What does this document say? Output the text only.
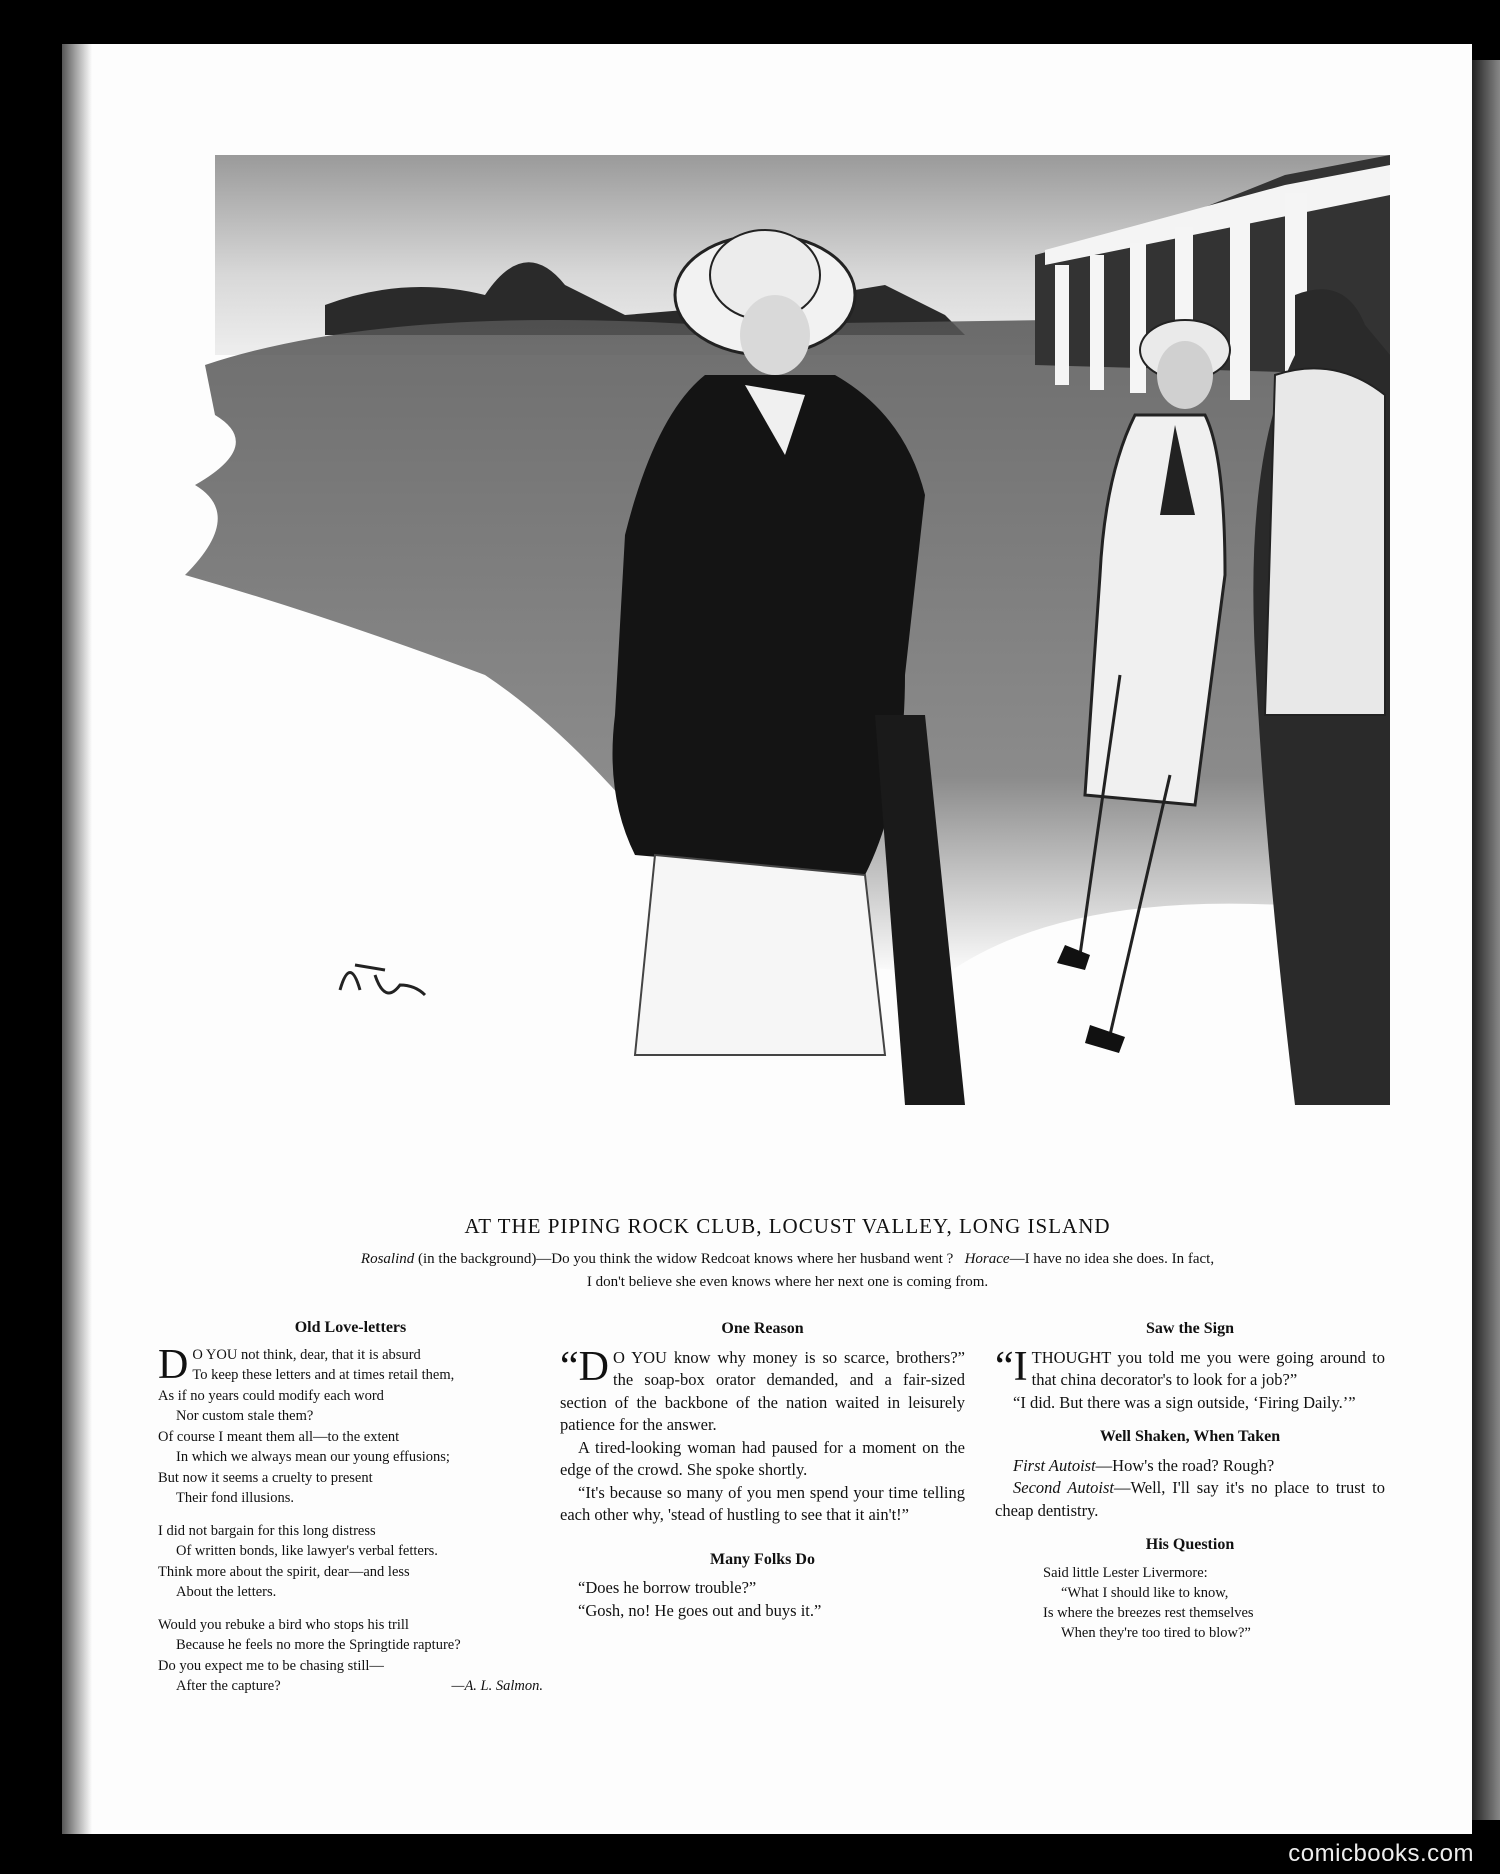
AT THE PIPING ROCK CLUB, LOCUST VALLEY, LONG ISLAND
Rosalind (in the background)—Do you think the widow Redcoat knows where her husband went ? Horace—I have no idea she does. In fact,
I don't believe she even knows where her next one is coming from.
Old Love-letters
D O YOU not think, dear, that it is absurd
To keep these letters and at times retail them,
As if no years could modify each word
Nor custom stale them?
Of course I meant them all—to the extent
In which we always mean our young effusions;
But now it seems a cruelty to present
Their fond illusions.
I did not bargain for this long distress
Of written bonds, like lawyer's verbal fetters.
Think more about the spirit, dear—and less
About the letters.
Would you rebuke a bird who stops his trill
Because he feels no more the Springtide rapture?
Do you expect me to be chasing still—
After the capture?	—A. L. Salmon.
One Reason

“D O YOU know why money is so scarce, brothers?” the soap-box orator demanded, and a fair-sized section of the backbone of the nation waited in leisurely patience for the answer.

A tired-looking woman had paused for a moment on the edge of the crowd. She spoke shortly.

“It's because so many of you men spend your time telling each other why, 'stead of hustling to see that it ain't!”

Many Folks Do

“Does he borrow trouble?”

“Gosh, no! He goes out and buys it.”

Saw the Sign

“ITHOUGHT you told me you were going around to that china decorator's to look for a job?”

“I did. But there was a sign outside, ‘Firing Daily.’”

Well Shaken, When Taken

First Autoist—How's the road? Rough?

Second Autoist—Well, I'll say it's no place to trust to cheap dentistry.

His Question
Said little Lester Livermore:
“What I should like to know,
Is where the breezes rest themselves
When they're too tired to blow?”
comicbooks.com
